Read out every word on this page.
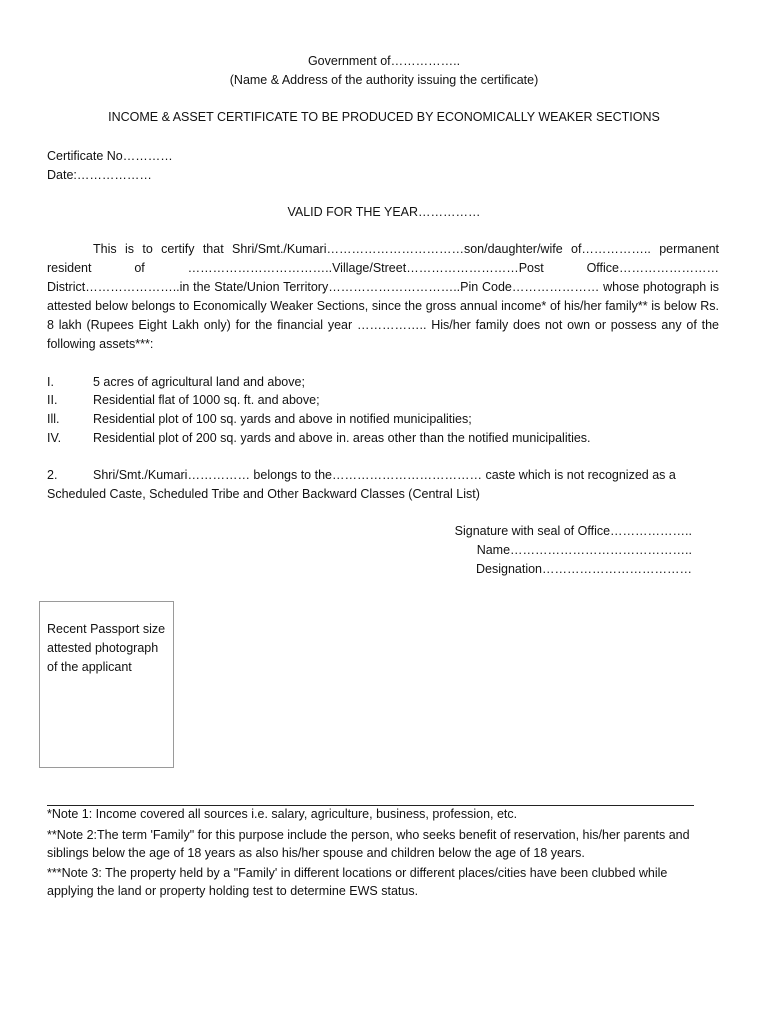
Government of……………..
(Name & Address of the authority issuing the certificate)
INCOME & ASSET CERTIFICATE TO BE PRODUCED BY ECONOMICALLY WEAKER SECTIONS
Certificate No…………
Date:………………
VALID FOR THE YEAR……………
This is to certify that Shri/Smt./Kumari……………………………son/daughter/wife of…………….. permanent resident of ……………………………..Village/Street………………………Post Office…………………… District…………………..in the State/Union Territory…………………………..Pin Code………………… whose photograph is attested below belongs to Economically Weaker Sections, since the gross annual income* of his/her family** is below Rs. 8 lakh (Rupees Eight Lakh only) for the financial year …………….. His/her family does not own or possess any of the following assets***:
I.	5 acres of agricultural land and above;
II.	Residential flat of 1000 sq. ft. and above;
Ill.	Residential plot of 100 sq. yards and above in notified municipalities;
IV.	Residential plot of 200 sq. yards and above in. areas other than the notified municipalities.
2.	Shri/Smt./Kumari…………… belongs to the……………………………… caste which is not recognized as a
Scheduled Caste, Scheduled Tribe and Other Backward Classes (Central List)
Signature with seal of Office………………..
Name……………………………………..
Designation………………………………
Recent Passport size attested photograph of the applicant
*Note 1: Income covered all sources i.e. salary, agriculture, business, profession, etc.
**Note 2:The term 'Family" for this purpose include the person, who seeks benefit of reservation, his/her parents and siblings below the age of 18 years as also his/her spouse and children below the age of 18 years.
***Note 3: The property held by a "Family' in different locations or different places/cities have been clubbed while applying the land or property holding test to determine EWS status.
